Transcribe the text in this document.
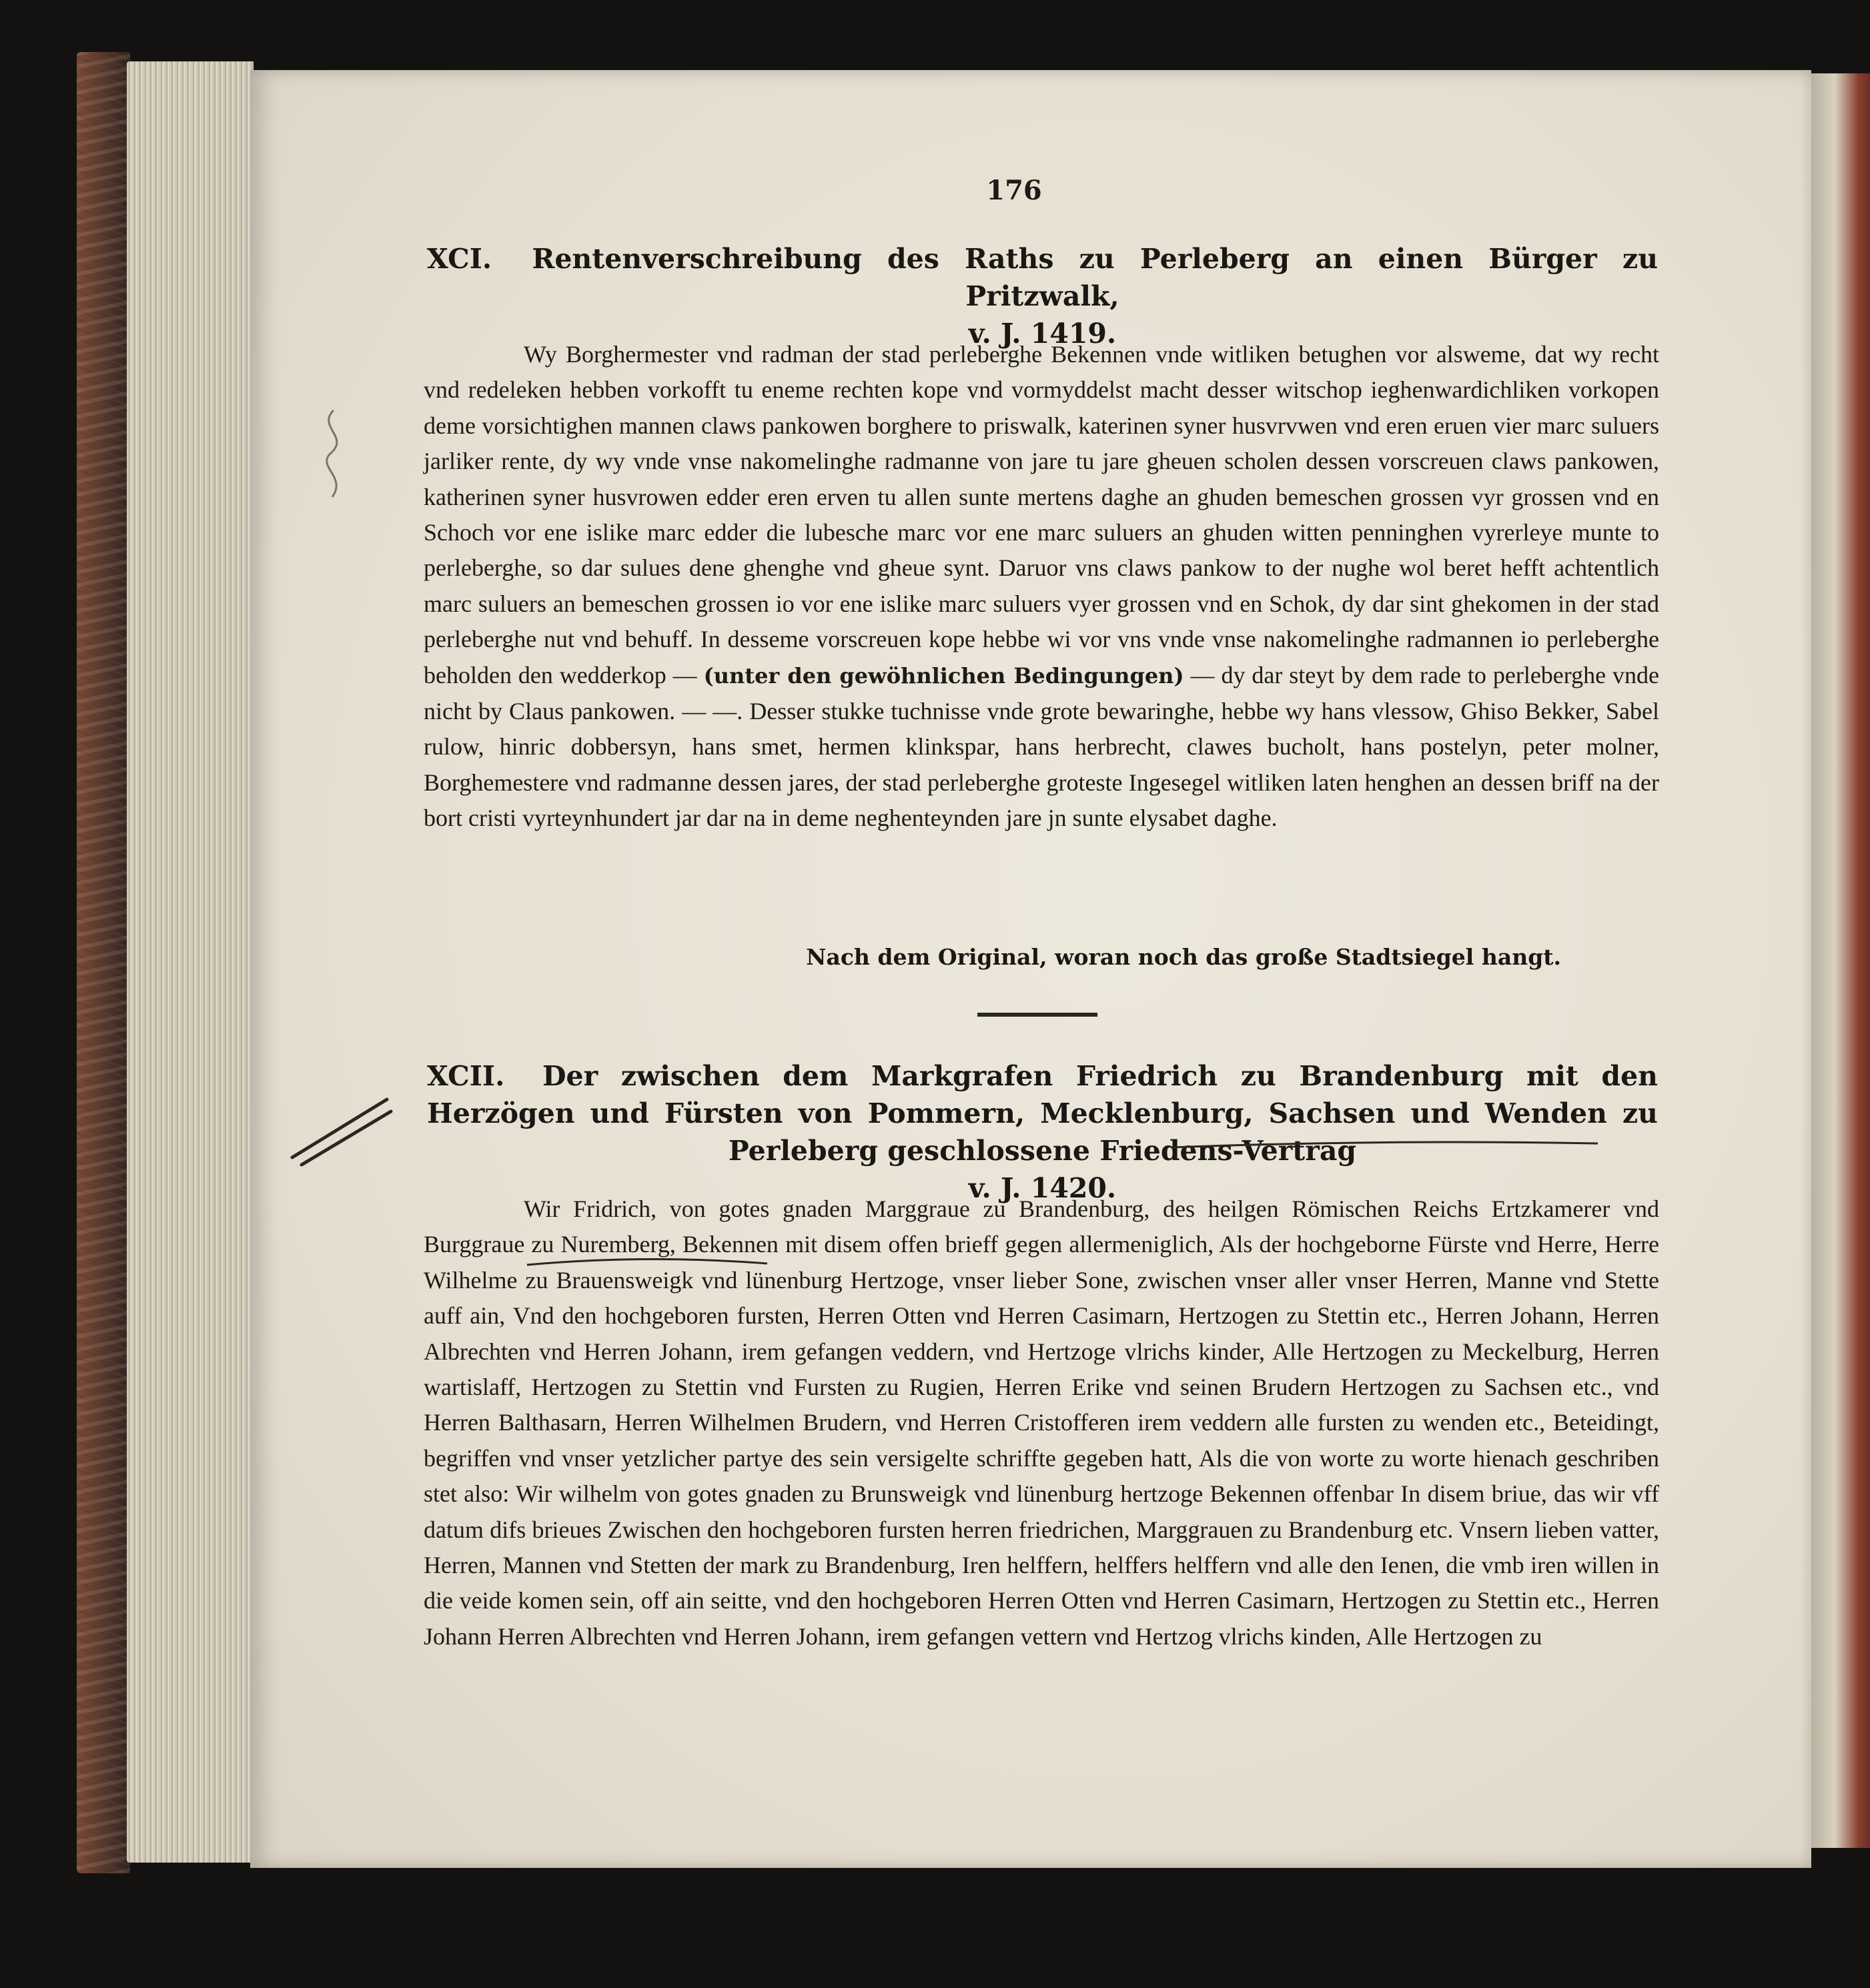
176
XCI. Rentenverschreibung des Raths zu Perleberg an einen Bürger zu Pritzwalk,
v. J. 1419.

Wy Borghermester vnd radman der stad perleberghe Bekennen vnde witliken betughen vor alsweme, dat wy recht vnd redeleken hebben vorkofft tu eneme rechten kope vnd vormyddelst macht desser witschop ieghenwardichliken vorkopen deme vorsichtighen mannen claws pankowen borghere to priswalk, katerinen syner husvrvwen vnd eren eruen vier marc suluers jarliker rente, dy wy vnde vnse nakomelinghe radmanne von jare tu jare gheuen scholen dessen vorscreuen claws pankowen, katherinen syner husvrowen edder eren erven tu allen sunte mertens daghe an ghuden bemeschen grossen vyr grossen vnd en Schoch vor ene islike marc edder die lubesche marc vor ene marc suluers an ghuden witten penninghen vyrerleye munte to perleberghe, so dar sulues dene ghenghe vnd gheue synt. Daruor vns claws pankow to der nughe wol beret hefft achtentlich marc suluers an bemeschen grossen io vor ene islike marc suluers vyer grossen vnd en Schok, dy dar sint ghekomen in der stad perleberghe nut vnd behuff. In desseme vorscreuen kope hebbe wi vor vns vnde vnse nakomelinghe radmannen io perleberghe beholden den wedderkop — (unter den gewöhnlichen Bedingungen) — dy dar steyt by dem rade to perleberghe vnde nicht by Claus pankowen. — —. Desser stukke tuchnisse vnde grote bewaringhe, hebbe wy hans vlessow, Ghiso Bekker, Sabel rulow, hinric dobbersyn, hans smet, hermen klinkspar, hans herbrecht, clawes bucholt, hans postelyn, peter molner, Borghemestere vnd radmanne dessen jares, der stad perleberghe groteste Ingesegel witliken laten henghen an dessen briff na der bort cristi vyrteynhundert jar dar na in deme neghenteynden jare jn sunte elysabet daghe.

Nach dem Original, woran noch das große Stadtsiegel hangt.
XCII. Der zwischen dem Markgrafen Friedrich zu Brandenburg mit den Herzögen und Fürsten von Pommern, Mecklenburg, Sachsen und Wenden zu Perleberg geschlossene Friedens-Vertrag
v. J. 1420.

Wir Fridrich, von gotes gnaden Marggraue zu Brandenburg, des heilgen Römischen Reichs Ertzkamerer vnd Burggraue zu Nuremberg, Bekennen mit disem offen brieff gegen allermeniglich, Als der hochgeborne Fürste vnd Herre, Herre Wilhelme zu Brauensweigk vnd lünenburg Hertzoge, vnser lieber Sone, zwischen vnser aller vnser Herren, Manne vnd Stette auff ain, Vnd den hochgeboren fursten, Herren Otten vnd Herren Casimarn, Hertzogen zu Stettin etc., Herren Johann, Herren Albrechten vnd Herren Johann, irem gefangen veddern, vnd Hertzoge vlrichs kinder, Alle Hertzogen zu Meckelburg, Herren wartislaff, Hertzogen zu Stettin vnd Fursten zu Rugien, Herren Erike vnd seinen Brudern Hertzogen zu Sachsen etc., vnd Herren Balthasarn, Herren Wilhelmen Brudern, vnd Herren Cristofferen irem veddern alle fursten zu wenden etc., Beteidingt, begriffen vnd vnser yetzlicher partye des sein versigelte schriffte gegeben hatt, Als die von worte zu worte hienach geschriben stet also: Wir wilhelm von gotes gnaden zu Brunsweigk vnd lünenburg hertzoge Bekennen offenbar In disem briue, das wir vff datum difs brieues Zwischen den hochgeboren fursten herren friedrichen, Marggrauen zu Brandenburg etc. Vnsern lieben vatter, Herren, Mannen vnd Stetten der mark zu Brandenburg, Iren helffern, helffers helffern vnd alle den Ienen, die vmb iren willen in die veide komen sein, off ain seitte, vnd den hochgeboren Herren Otten vnd Herren Casimarn, Hertzogen zu Stettin etc., Herren Johann Herren Albrechten vnd Herren Johann, irem gefangen vettern vnd Hertzog vlrichs kinden, Alle Hertzogen zu
